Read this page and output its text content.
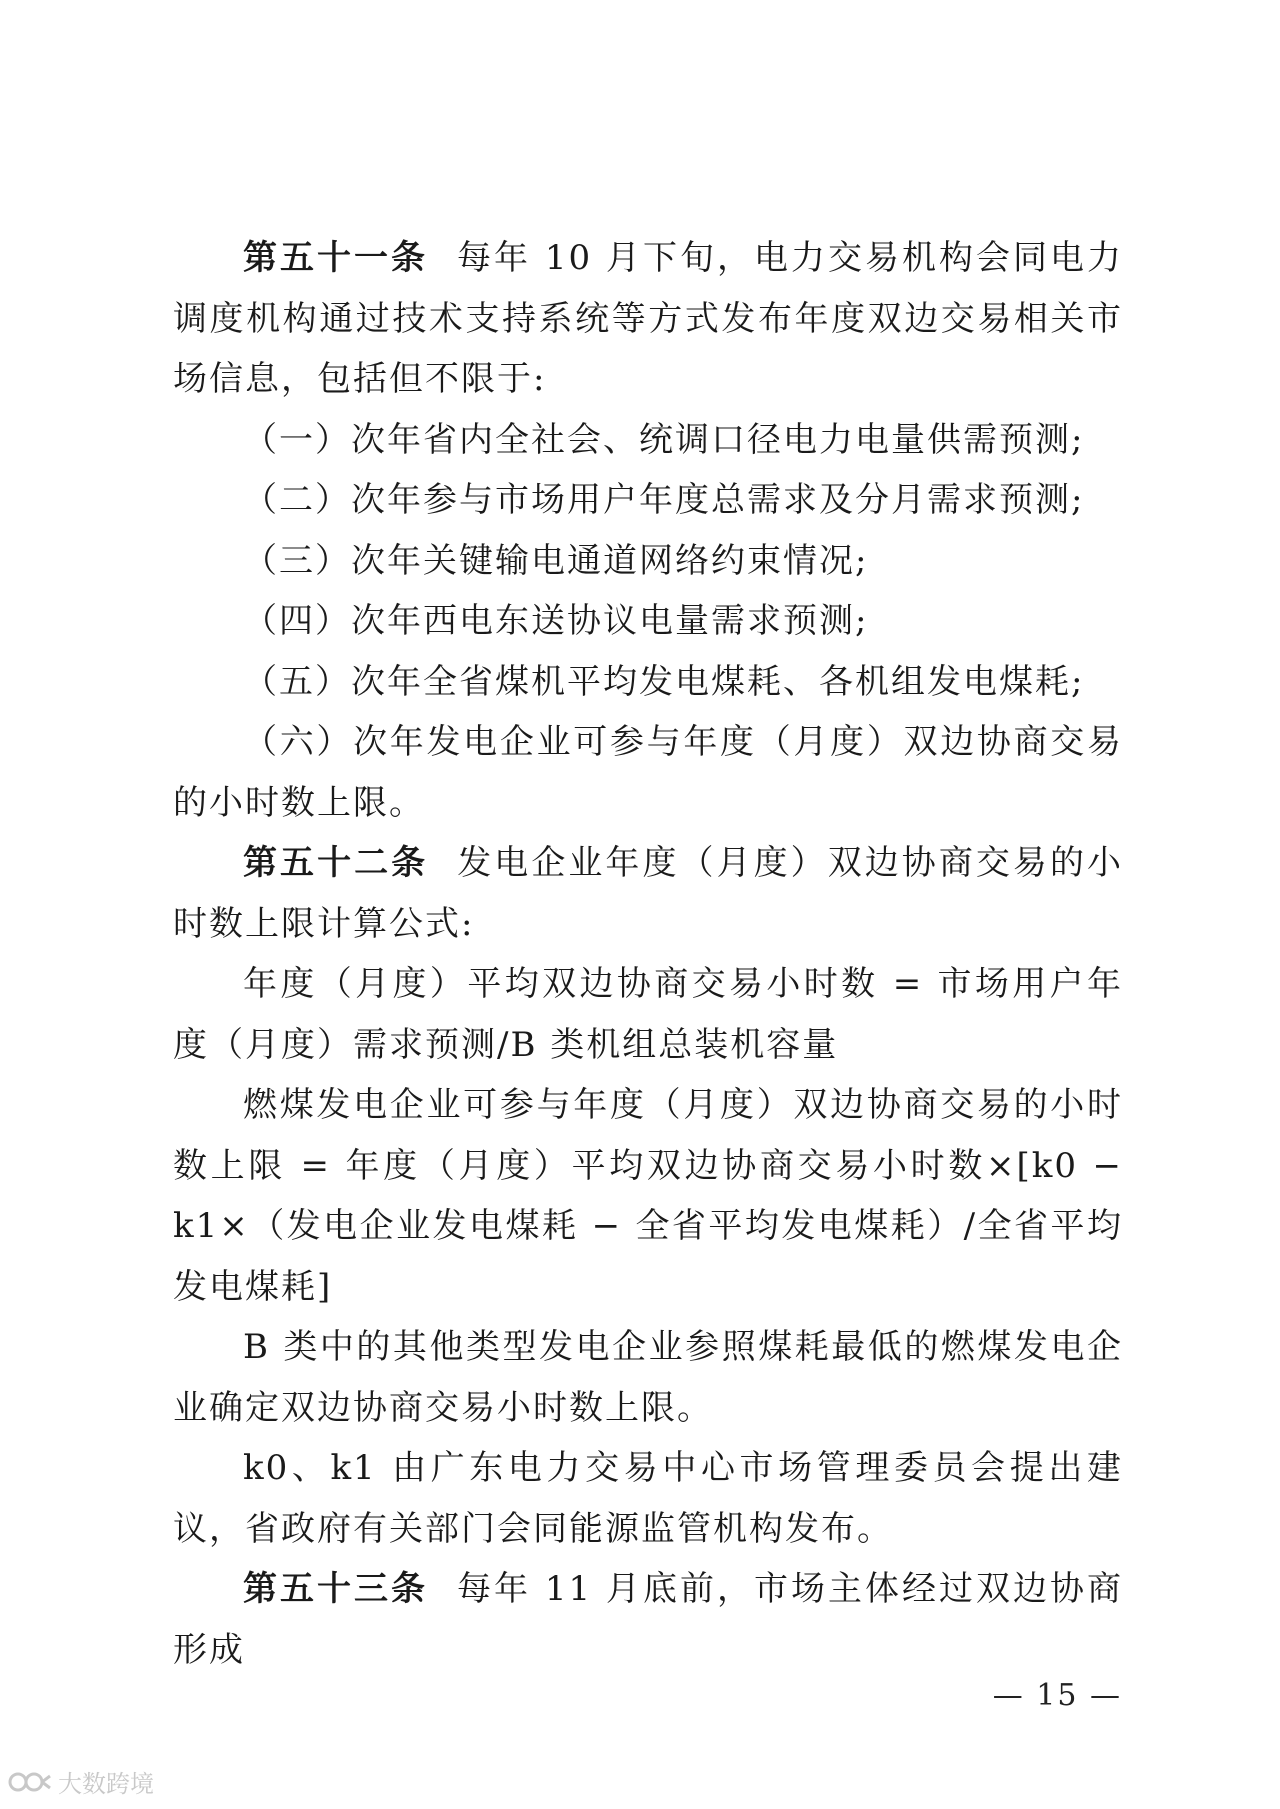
第五十一条 每年 10 月下旬，电力交易机构会同电力调度机构通过技术支持系统等方式发布年度双边交易相关市场信息，包括但不限于:

（一）次年省内全社会、统调口径电力电量供需预测;

（二）次年参与市场用户年度总需求及分月需求预测;

（三）次年关键输电通道网络约束情况;

（四）次年西电东送协议电量需求预测;

（五）次年全省煤机平均发电煤耗、各机组发电煤耗;

（六）次年发电企业可参与年度（月度）双边协商交易的小时数上限。

第五十二条 发电企业年度（月度）双边协商交易的小时数上限计算公式:

年度（月度）平均双边协商交易小时数 = 市场用户年度（月度）需求预测/B 类机组总装机容量

燃煤发电企业可参与年度（月度）双边协商交易的小时数上限 = 年度（月度）平均双边协商交易小时数×[k0 − k1×（发电企业发电煤耗 − 全省平均发电煤耗）/全省平均发电煤耗]

B 类中的其他类型发电企业参照煤耗最低的燃煤发电企业确定双边协商交易小时数上限。

k0、k1 由广东电力交易中心市场管理委员会提出建议，省政府有关部门会同能源监管机构发布。

第五十三条 每年 11 月底前，市场主体经过双边协商形成

— 15 —
大数跨境
